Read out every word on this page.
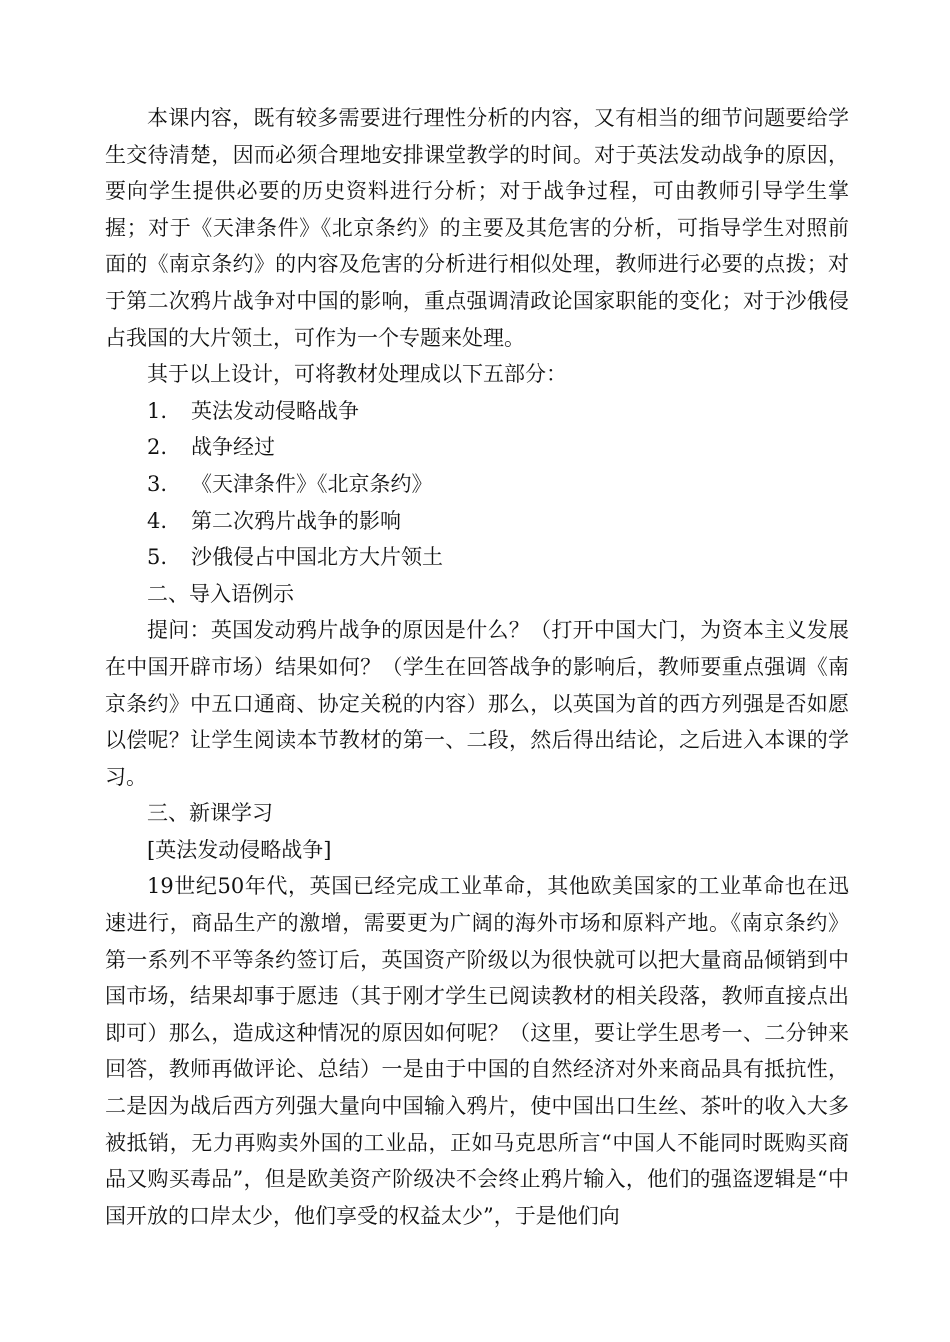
本课内容，既有较多需要进行理性分析的内容，又有相当的细节问题要给学生交待清楚，因而必须合理地安排课堂教学的时间。对于英法发动战争的原因，要向学生提供必要的历史资料进行分析；对于战争过程，可由教师引导学生掌握；对于《天津条件》《北京条约》的主要及其危害的分析，可指导学生对照前面的《南京条约》的内容及危害的分析进行相似处理，教师进行必要的点拨；对于第二次鸦片战争对中国的影响，重点强调清政论国家职能的变化；对于沙俄侵占我国的大片领土，可作为一个专题来处理。

其于以上设计，可将教材处理成以下五部分：

1. 英法发动侵略战争

2. 战争经过

3. 《天津条件》《北京条约》

4. 第二次鸦片战争的影响

5. 沙俄侵占中国北方大片领土

二、导入语例示

提问：英国发动鸦片战争的原因是什么？（打开中国大门，为资本主义发展在中国开辟市场）结果如何？（学生在回答战争的影响后，教师要重点强调《南京条约》中五口通商、协定关税的内容）那么，以英国为首的西方列强是否如愿以偿呢？让学生阅读本节教材的第一、二段，然后得出结论，之后进入本课的学习。

三、新课学习

[英法发动侵略战争]

19世纪50年代，英国已经完成工业革命，其他欧美国家的工业革命也在迅速进行，商品生产的激增，需要更为广阔的海外市场和原料产地。《南京条约》第一系列不平等条约签订后，英国资产阶级以为很快就可以把大量商品倾销到中国市场，结果却事于愿违（其于刚才学生已阅读教材的相关段落，教师直接点出即可）那么，造成这种情况的原因如何呢？（这里，要让学生思考一、二分钟来回答，教师再做评论、总结）一是由于中国的自然经济对外来商品具有抵抗性，二是因为战后西方列强大量向中国输入鸦片，使中国出口生丝、茶叶的收入大多被抵销，无力再购卖外国的工业品，正如马克思所言“中国人不能同时既购买商品又购买毒品”，但是欧美资产阶级决不会终止鸦片输入，他们的强盗逻辑是“中国开放的口岸太少，他们享受的权益太少”，于是他们向
